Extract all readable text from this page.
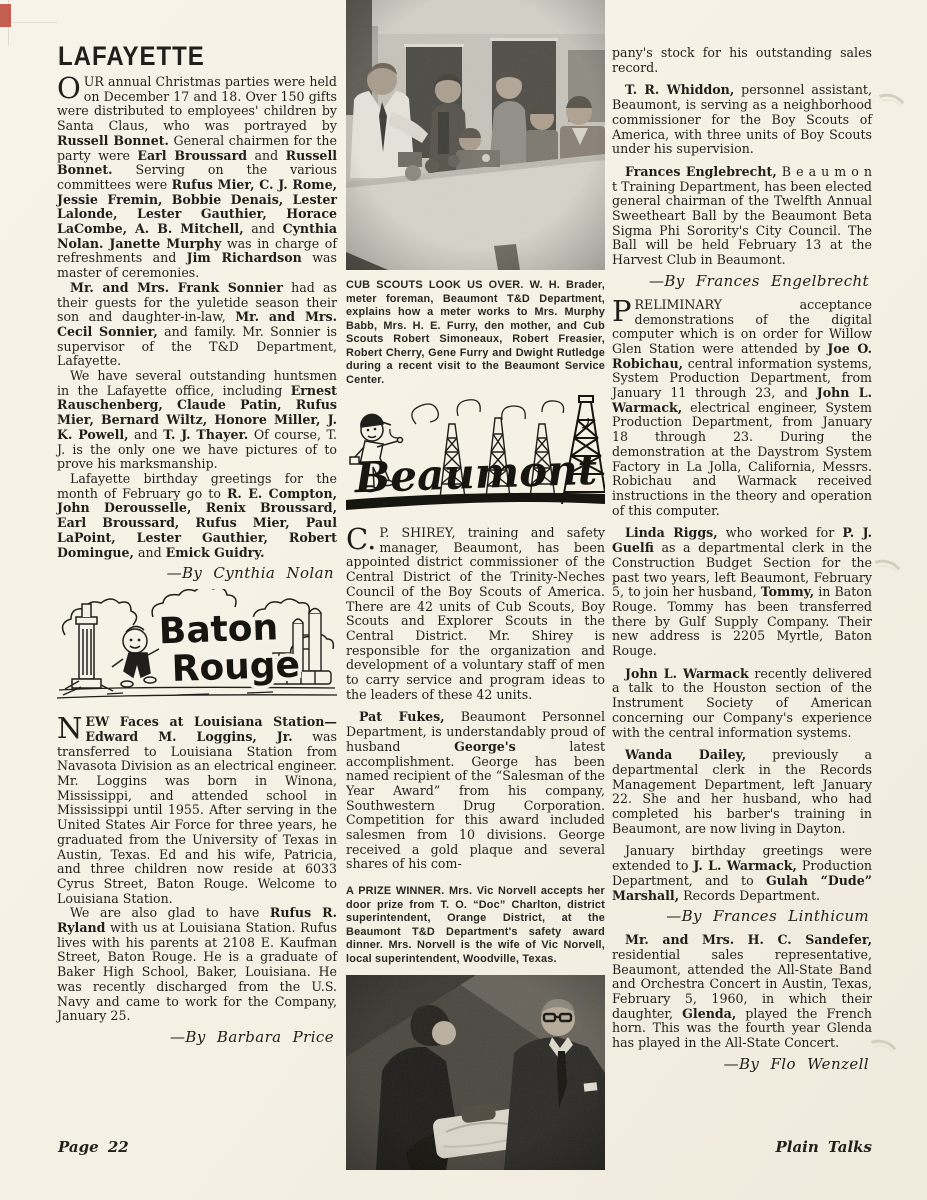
LAFAYETTE

OUR annual Christmas parties were held on December 17 and 18. Over 150 gifts were distributed to employees' children by Santa Claus, who was portrayed by Russell Bonnet. General chairmen for the party were Earl Broussard and Russell Bonnet. Serving on the various committees were Rufus Mier, C. J. Rome, Jessie Fremin, Bobbie Denais, Lester Lalonde, Lester Gauthier, Horace LaCombe, A. B. Mitchell, and Cynthia Nolan. Janette Murphy was in charge of refreshments and Jim Richardson was master of ceremonies.

Mr. and Mrs. Frank Sonnier had as their guests for the yuletide season their son and daughter-in-law, Mr. and Mrs. Cecil Sonnier, and family. Mr. Sonnier is supervisor of the T&D Department, Lafayette.

We have several outstanding huntsmen in the Lafayette office, including Ernest Rauschenberg, Claude Patin, Rufus Mier, Bernard Wiltz, Honore Miller, J. K. Powell, and T. J. Thayer. Of course, T. J. is the only one we have pictures of to prove his marksmanship.

Lafayette birthday greetings for the month of February go to R. E. Compton, John Derousselle, Renix Broussard, Earl Broussard, Rufus Mier, Paul LaPoint, Lester Gauthier, Robert Domingue, and Emick Guidry.

—By Cynthia Nolan
Baton
Rouge

NEW Faces at Louisiana Station— Edward M. Loggins, Jr. was transferred to Louisiana Station from Navasota Division as an electrical engineer. Mr. Loggins was born in Winona, Mississippi, and attended school in Mississippi until 1955. After serving in the United States Air Force for three years, he graduated from the University of Texas in Austin, Texas. Ed and his wife, Patricia, and three children now reside at 6033 Cyrus Street, Baton Rouge. Welcome to Louisiana Station.

We are also glad to have Rufus R. Ryland with us at Louisiana Station. Rufus lives with his parents at 2108 E. Kaufman Street, Baton Rouge. He is a graduate of Baker High School, Baker, Louisiana. He was recently discharged from the U.S. Navy and came to work for the Company, January 25.

—By Barbara Price

CUB SCOUTS LOOK US OVER. W. H. Brader, meter foreman, Beaumont T&D Department, explains how a meter works to Mrs. Murphy Babb, Mrs. H. E. Furry, den mother, and Cub Scouts Robert Simoneaux, Robert Freasier, Robert Cherry, Gene Furry and Dwight Rutledge during a recent visit to the Beaumont Service Center.

Beaumont

C. P. SHIREY, training and safety manager, Beaumont, has been appointed district commissioner of the Central District of the Trinity-Neches Council of the Boy Scouts of America. There are 42 units of Cub Scouts, Boy Scouts and Explorer Scouts in the Central District. Mr. Shirey is responsible for the organization and development of a voluntary staff of men to carry service and program ideas to the leaders of these 42 units.

Pat Fukes, Beaumont Personnel Department, is understandably proud of husband George's latest accomplishment. George has been named recipient of the “Salesman of the Year Award” from his company, Southwestern Drug Corporation. Competition for this award included salesmen from 10 divisions. George received a gold plaque and several shares of his com-

A PRIZE WINNER. Mrs. Vic Norvell accepts her door prize from T. O. “Doc” Charlton, district superintendent, Orange District, at the Beaumont T&D Department's safety award dinner. Mrs. Norvell is the wife of Vic Norvell, local superintendent, Woodville, Texas.

pany's stock for his outstanding sales record.

T. R. Whiddon, personnel assistant, Beaumont, is serving as a neighborhood commissioner for the Boy Scouts of America, with three units of Boy Scouts under his supervision.

Frances Englebrecht, B e a u m o n t Training Department, has been elected general chairman of the Twelfth Annual Sweetheart Ball by the Beaumont Beta Sigma Phi Sorority's City Council. The Ball will be held February 13 at the Harvest Club in Beaumont.

—By Frances Engelbrecht

PRELIMINARY acceptance demonstrations of the digital computer which is on order for Willow Glen Station were attended by Joe O. Robichau, central information systems, System Production Department, from January 11 through 23, and John L. Warmack, electrical engineer, System Production Department, from January 18 through 23. During the demonstration at the Daystrom System Factory in La Jolla, California, Messrs. Robichau and Warmack received instructions in the theory and operation of this computer.

Linda Riggs, who worked for P. J. Guelfi as a departmental clerk in the Construction Budget Section for the past two years, left Beaumont, February 5, to join her husband, Tommy, in Baton Rouge. Tommy has been transferred there by Gulf Supply Company. Their new address is 2205 Myrtle, Baton Rouge.

John L. Warmack recently delivered a talk to the Houston section of the Instrument Society of American concerning our Company's experience with the central information systems.

Wanda Dailey, previously a departmental clerk in the Records Management Department, left January 22. She and her husband, who had completed his barber's training in Beaumont, are now living in Dayton.

January birthday greetings were extended to J. L. Warmack, Production Department, and to Gulah “Dude” Marshall, Records Department.

—By Frances Linthicum

Mr. and Mrs. H. C. Sandefer, residential sales representative, Beaumont, attended the All-State Band and Orchestra Concert in Austin, Texas, February 5, 1960, in which their daughter, Glenda, played the French horn. This was the fourth year Glenda has played in the All-State Concert.

—By Flo Wenzell
Page 22	Plain Talks
